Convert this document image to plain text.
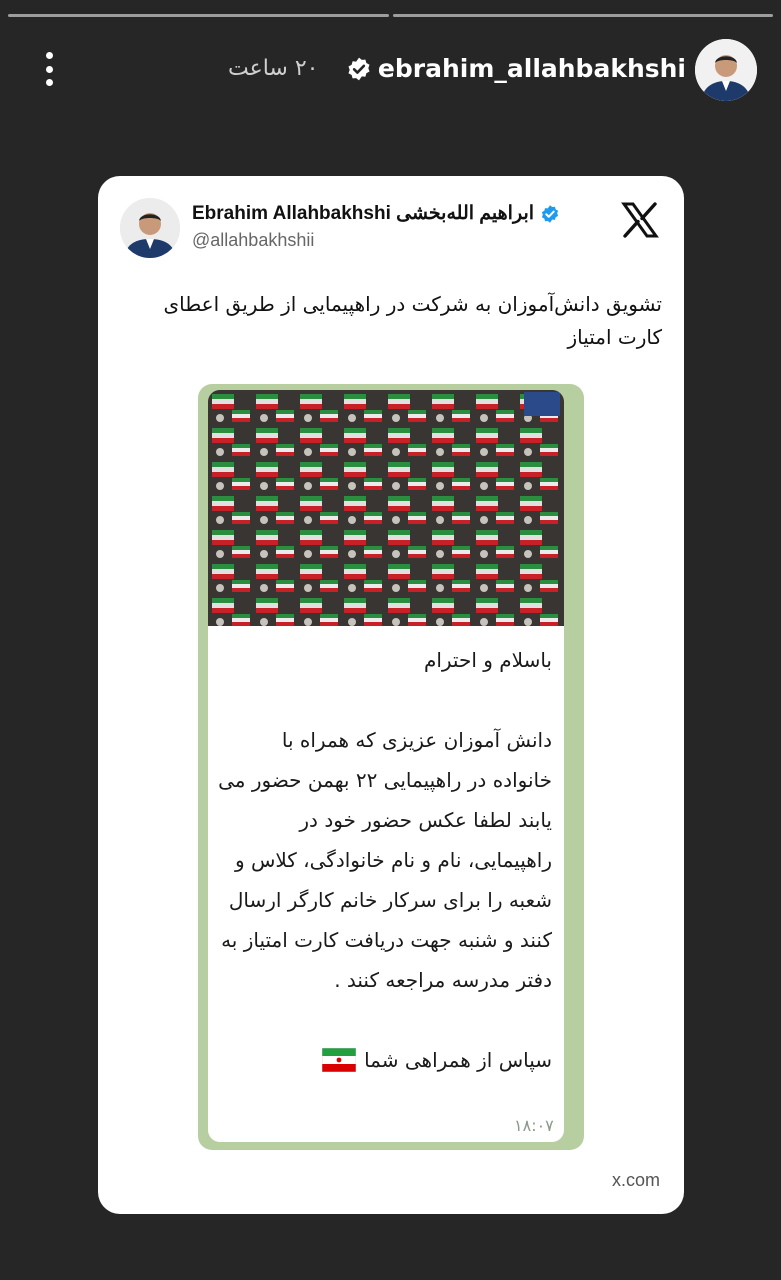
۲۰ ساعت ebrahim_allahbakhshi
Ebrahim Allahbakhshi ابراهیم الله‌بخشی
@allahbakhshii
تشویق دانش‌آموزان به شرکت در راهپیمایی از طریق اعطای کارت امتیاز

باسلام و احترام

دانش آموزان عزیزی که همراه با خانواده در راهپیمایی ۲۲ بهمن حضور می یابند لطفا عکس حضور خود در راهپیمایی، نام و نام خانوادگی، کلاس و شعبه را برای سرکار خانم کارگر ارسال کنند و شنبه جهت دریافت کارت امتیاز به دفتر مدرسه مراجعه کنند .

سپاس از همراهی شما

۱۸:۰۷
x.com
